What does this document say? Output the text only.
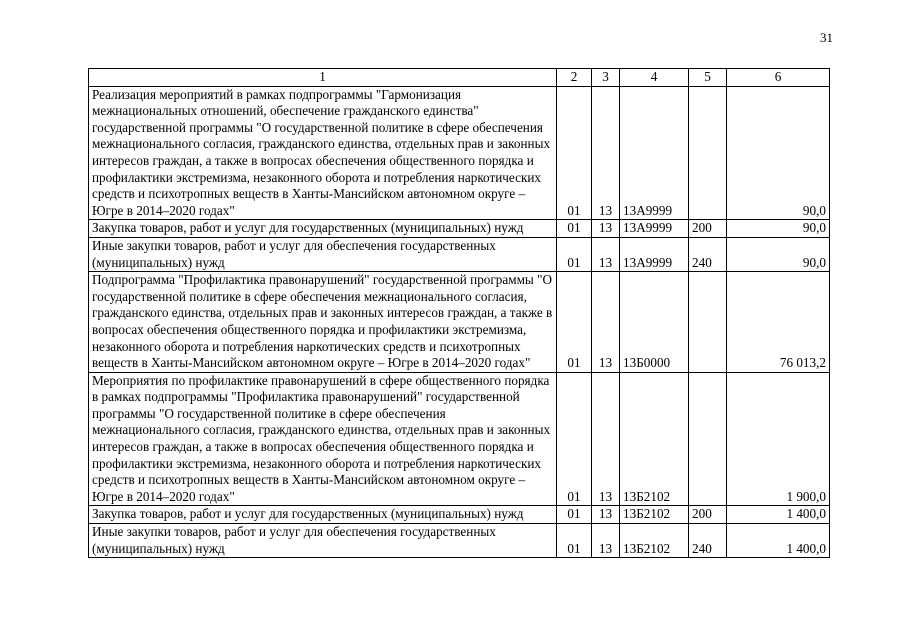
31
1	2	3	4	5	6
Реализация мероприятий в рамках подпрограммы "Гармонизация межнациональных отношений, обеспечение гражданского единства" государственной программы "О государственной политике в сфере обеспечения межнационального согласия, гражданского единства, отдельных прав и законных интересов граждан, а также в вопросах обеспечения общественного порядка и профилактики экстремизма, незаконного оборота и потребления наркотических средств и психотропных веществ в Ханты-Мансийском автономном округе – Югре в 2014–2020 годах"	01	13	13А9999		90,0
Закупка товаров, работ и услуг для государственных (муниципальных) нужд	01	13	13А9999	200	90,0
Иные закупки товаров, работ и услуг для обеспечения государственных (муниципальных) нужд	01	13	13А9999	240	90,0
Подпрограмма "Профилактика правонарушений" государственной программы "О государственной политике в сфере обеспечения межнационального согласия, гражданского единства, отдельных прав и законных интересов граждан, а также в вопросах обеспечения общественного порядка и профилактики экстремизма, незаконного оборота и потребления наркотических средств и психотропных веществ в Ханты-Мансийском автономном округе – Югре в 2014–2020 годах"	01	13	13Б0000		76 013,2
Мероприятия по профилактике правонарушений в сфере общественного порядка в рамках подпрограммы "Профилактика правонарушений" государственной программы "О государственной политике в сфере обеспечения межнационального согласия, гражданского единства, отдельных прав и законных интересов граждан, а также в вопросах обеспечения общественного порядка и профилактики экстремизма, незаконного оборота и потребления наркотических средств и психотропных веществ в Ханты-Мансийском автономном округе – Югре в 2014–2020 годах"	01	13	13Б2102		1 900,0
Закупка товаров, работ и услуг для государственных (муниципальных) нужд	01	13	13Б2102	200	1 400,0
Иные закупки товаров, работ и услуг для обеспечения государственных (муниципальных) нужд	01	13	13Б2102	240	1 400,0
